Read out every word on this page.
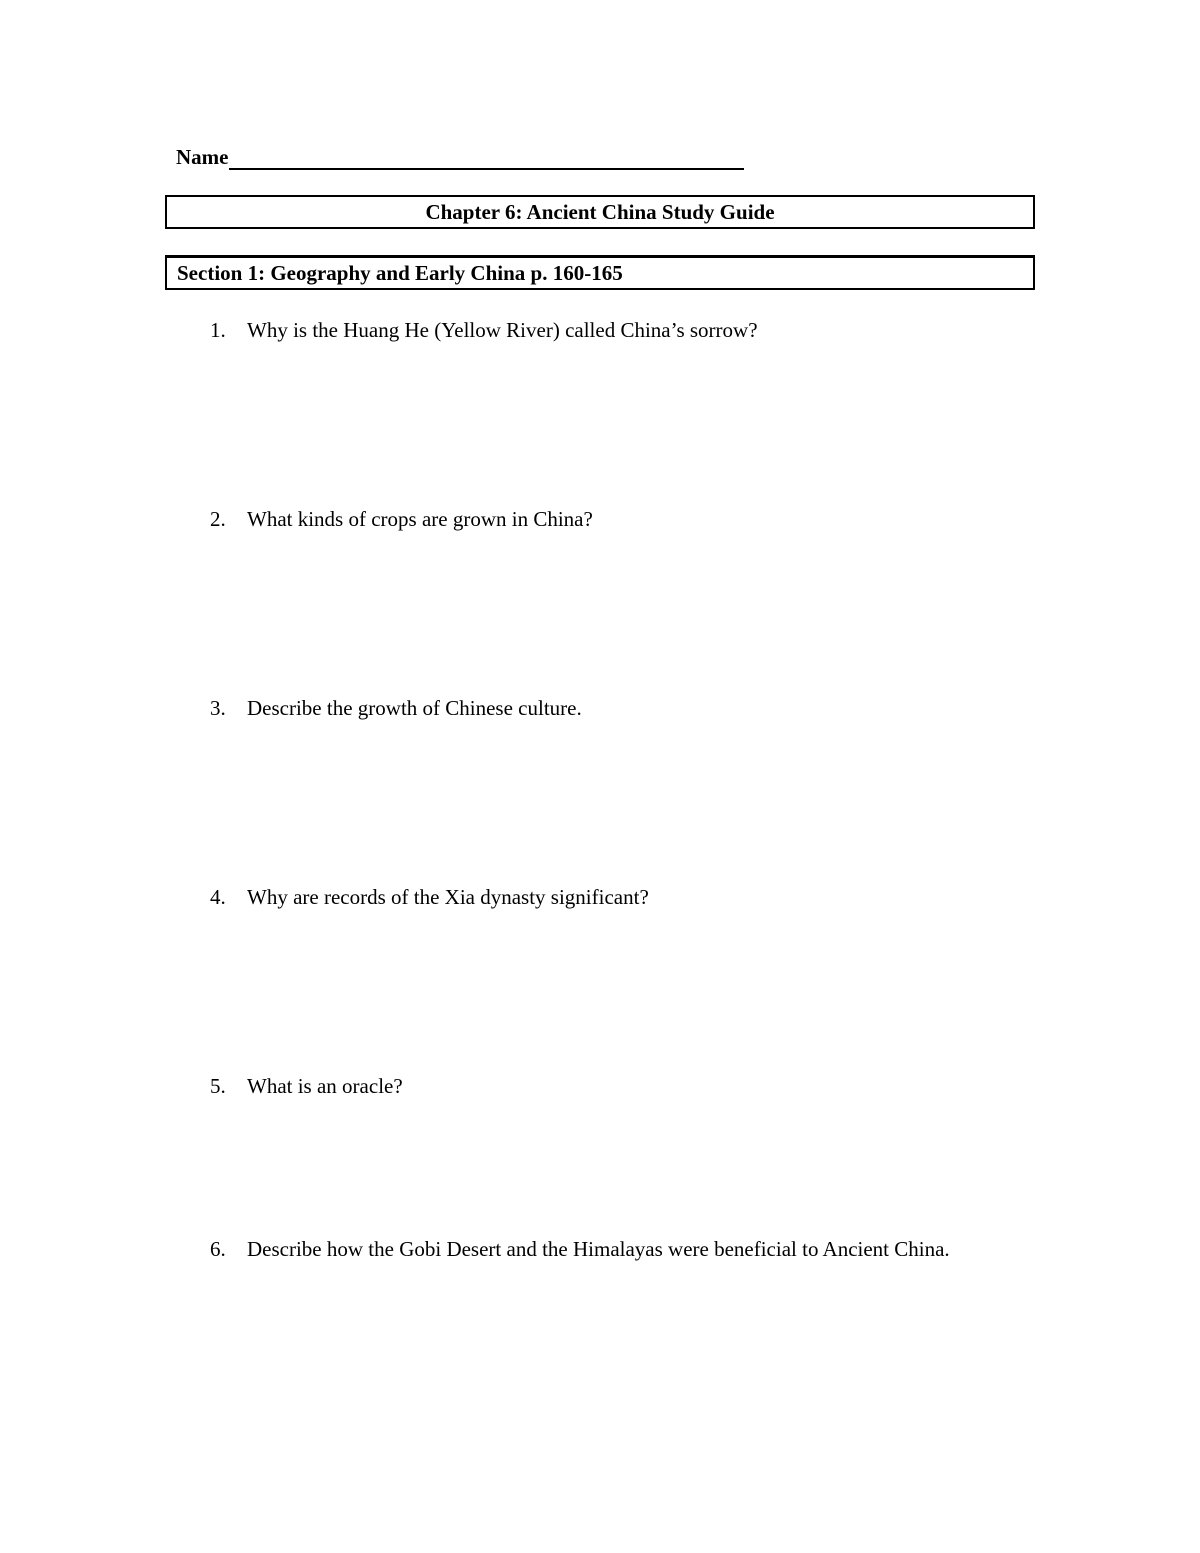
Name
Chapter 6: Ancient China Study Guide
Section 1: Geography and Early China p. 160-165
1.	Why is the Huang He (Yellow River) called China’s sorrow?
2.	What kinds of crops are grown in China?
3.	Describe the growth of Chinese culture.
4.	Why are records of the Xia dynasty significant?
5.	What is an oracle?
6.	Describe how the Gobi Desert and the Himalayas were beneficial to Ancient China.
